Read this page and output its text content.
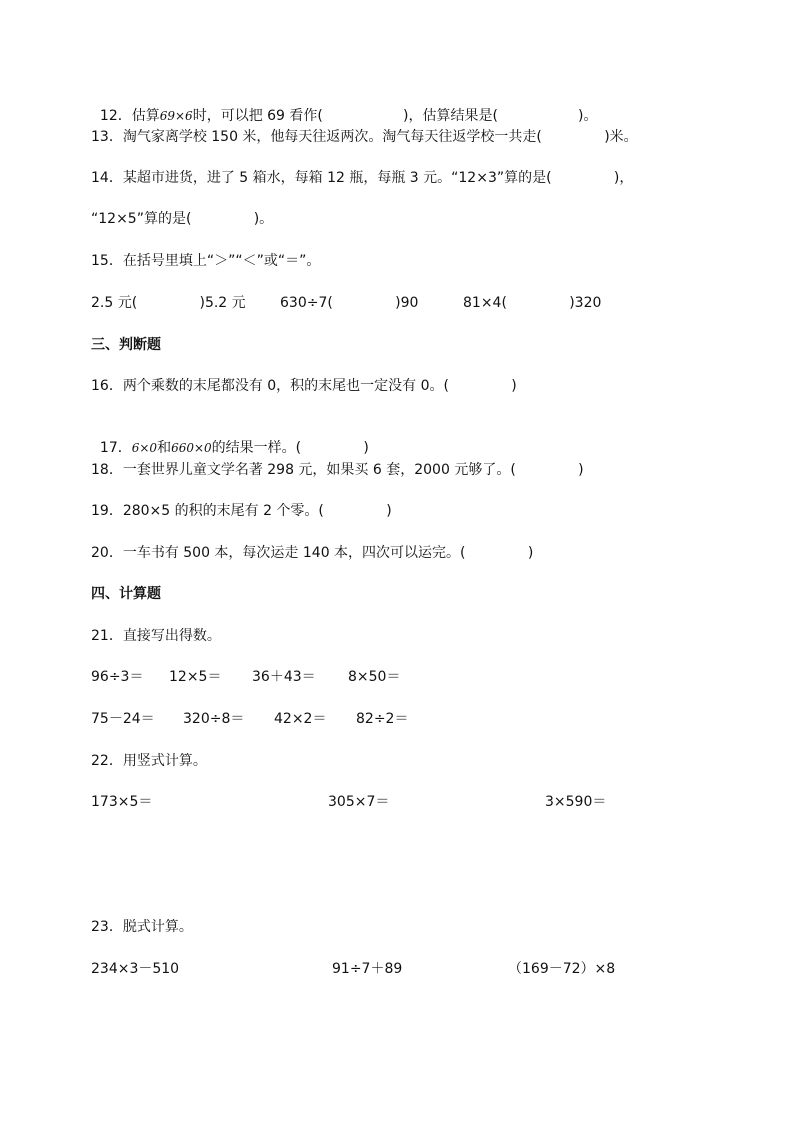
12．估算69×6时，可以把 69 看作(                  )，估算结果是(                  )。

13．淘气家离学校 150 米，他每天往返两次。淘气每天往返学校一共走(              )米。
14．某超市进货，进了 5 箱水，每箱 12 瓶，每瓶 3 元。“12×3”算的是(              )，
“12×5”算的是(              )。
15．在括号里填上“＞”“＜”或“＝”。
2.5 元(              )5.2 元 630÷7(              )90	81×4(              )320
三、判断题
16．两个乘数的末尾都没有 0，积的末尾也一定没有 0。(              )

17．6×0和660×0的结果一样。(              )

18．一套世界儿童文学名著 298 元，如果买 6 套，2000 元够了。(              )
19．280×5 的积的末尾有 2 个零。(              )
20．一车书有 500 本，每次运走 140 本，四次可以运完。(              )
四、计算题
21．直接写出得数。
96÷3＝ 12×5＝ 36＋43＝ 8×50＝
75－24＝ 320÷8＝ 42×2＝ 82÷2＝
22．用竖式计算。
173×5＝	305×7＝	3×590＝
23．脱式计算。
234×3－510	91÷7＋89	（169－72）×8
